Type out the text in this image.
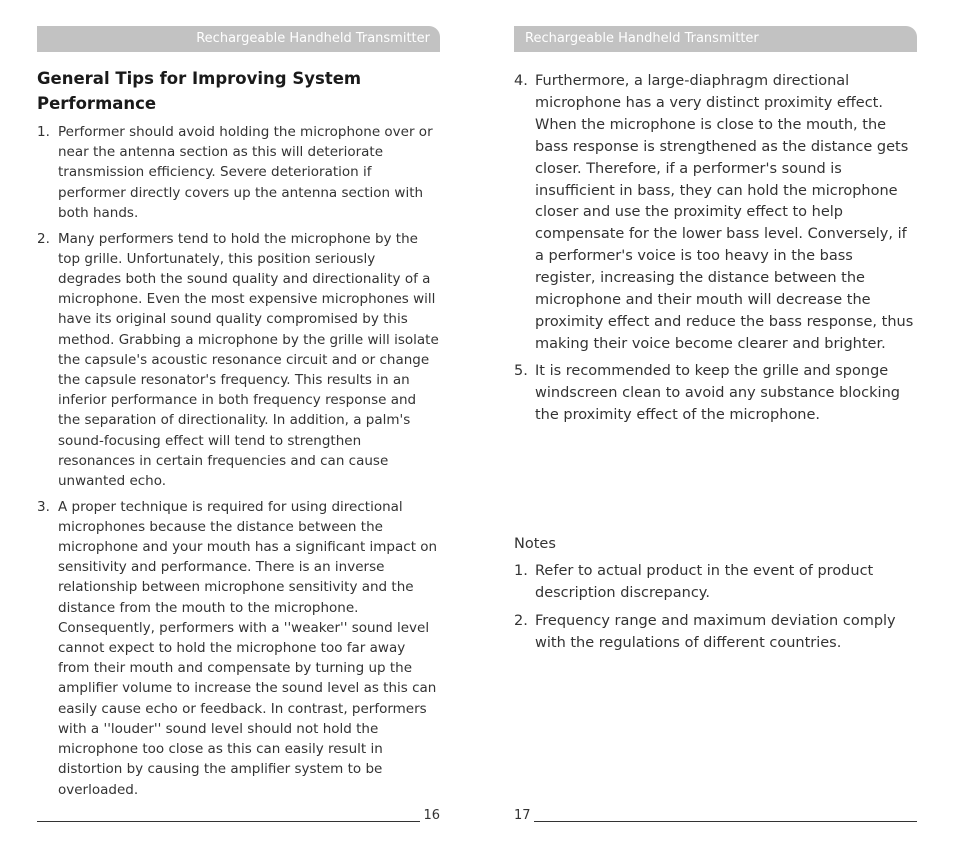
Rechargeable Handheld Transmitter
General Tips for Improving System Performance
1. Performer should avoid holding the microphone over or near the antenna section as this will deteriorate transmission efficiency. Severe deterioration if performer directly covers up the antenna section with both hands.
2. Many performers tend to hold the microphone by the top grille. Unfortunately, this position seriously degrades both the sound quality and directionality of a microphone. Even the most expensive microphones will have its original sound quality compromised by this method. Grabbing a microphone by the grille will isolate the capsule's acoustic resonance circuit and or change the capsule resonator's frequency. This results in an inferior performance in both frequency response and the separation of directionality. In addition, a palm's sound-focusing effect will tend to strengthen resonances in certain frequencies and can cause unwanted echo.
3. A proper technique is required for using directional microphones because the distance between the microphone and your mouth has a significant impact on sensitivity and performance. There is an inverse relationship between microphone sensitivity and the distance from the mouth to the microphone. Consequently, performers with a ''weaker'' sound level cannot expect to hold the microphone too far away from their mouth and compensate by turning up the amplifier volume to increase the sound level as this can easily cause echo or feedback. In contrast, performers with a ''louder'' sound level should not hold the microphone too close as this can easily result in distortion by causing the amplifier system to be overloaded.
16
Rechargeable Handheld Transmitter
4. Furthermore, a large-diaphragm directional microphone has a very distinct proximity effect. When the microphone is close to the mouth, the bass response is strengthened as the distance gets closer. Therefore, if a performer's sound is insufficient in bass, they can hold the microphone closer and use the proximity effect to help compensate for the lower bass level. Conversely, if a performer's voice is too heavy in the bass register, increasing the distance between the microphone and their mouth will decrease the proximity effect and reduce the bass response, thus making their voice become clearer and brighter.
5. It is recommended to keep the grille and sponge windscreen clean to avoid any substance blocking the proximity effect of the microphone.
Notes
1. Refer to actual product in the event of product description discrepancy.
2. Frequency range and maximum deviation comply with the regulations of different countries.
17
